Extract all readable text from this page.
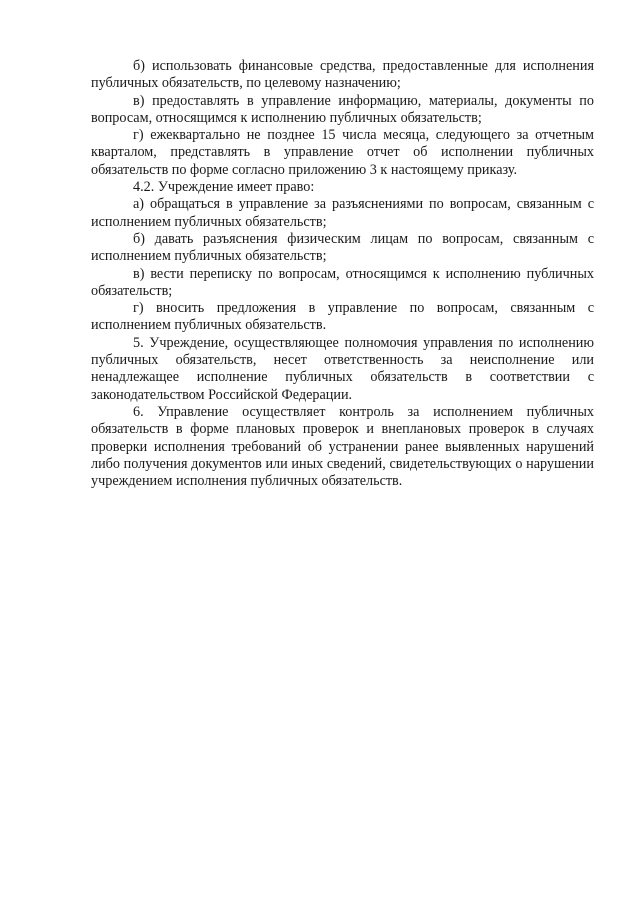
б) использовать финансовые средства, предоставленные для исполнения публичных обязательств, по целевому назначению;

в) предоставлять в управление информацию, материалы, документы по вопросам, относящимся к исполнению публичных обязательств;

г) ежеквартально не позднее 15 числа месяца, следующего за отчетным кварталом, представлять в управление отчет об исполнении публичных обязательств по форме согласно приложению 3 к настоящему приказу.

4.2. Учреждение имеет право:

а) обращаться в управление за разъяснениями по вопросам, связанным с исполнением публичных обязательств;

б) давать разъяснения физическим лицам по вопросам, связанным с исполнением публичных обязательств;

в) вести переписку по вопросам, относящимся к исполнению публичных обязательств;

г) вносить предложения в управление по вопросам, связанным с исполнением публичных обязательств.

5. Учреждение, осуществляющее полномочия управления по исполнению публичных обязательств, несет ответственность за неисполнение или ненадлежащее исполнение публичных обязательств в соответствии с законодательством Российской Федерации.

6. Управление осуществляет контроль за исполнением публичных обязательств в форме плановых проверок и внеплановых проверок в случаях проверки исполнения требований об устранении ранее выявленных нарушений либо получения документов или иных сведений, свидетельствующих о нарушении учреждением исполнения публичных обязательств.
